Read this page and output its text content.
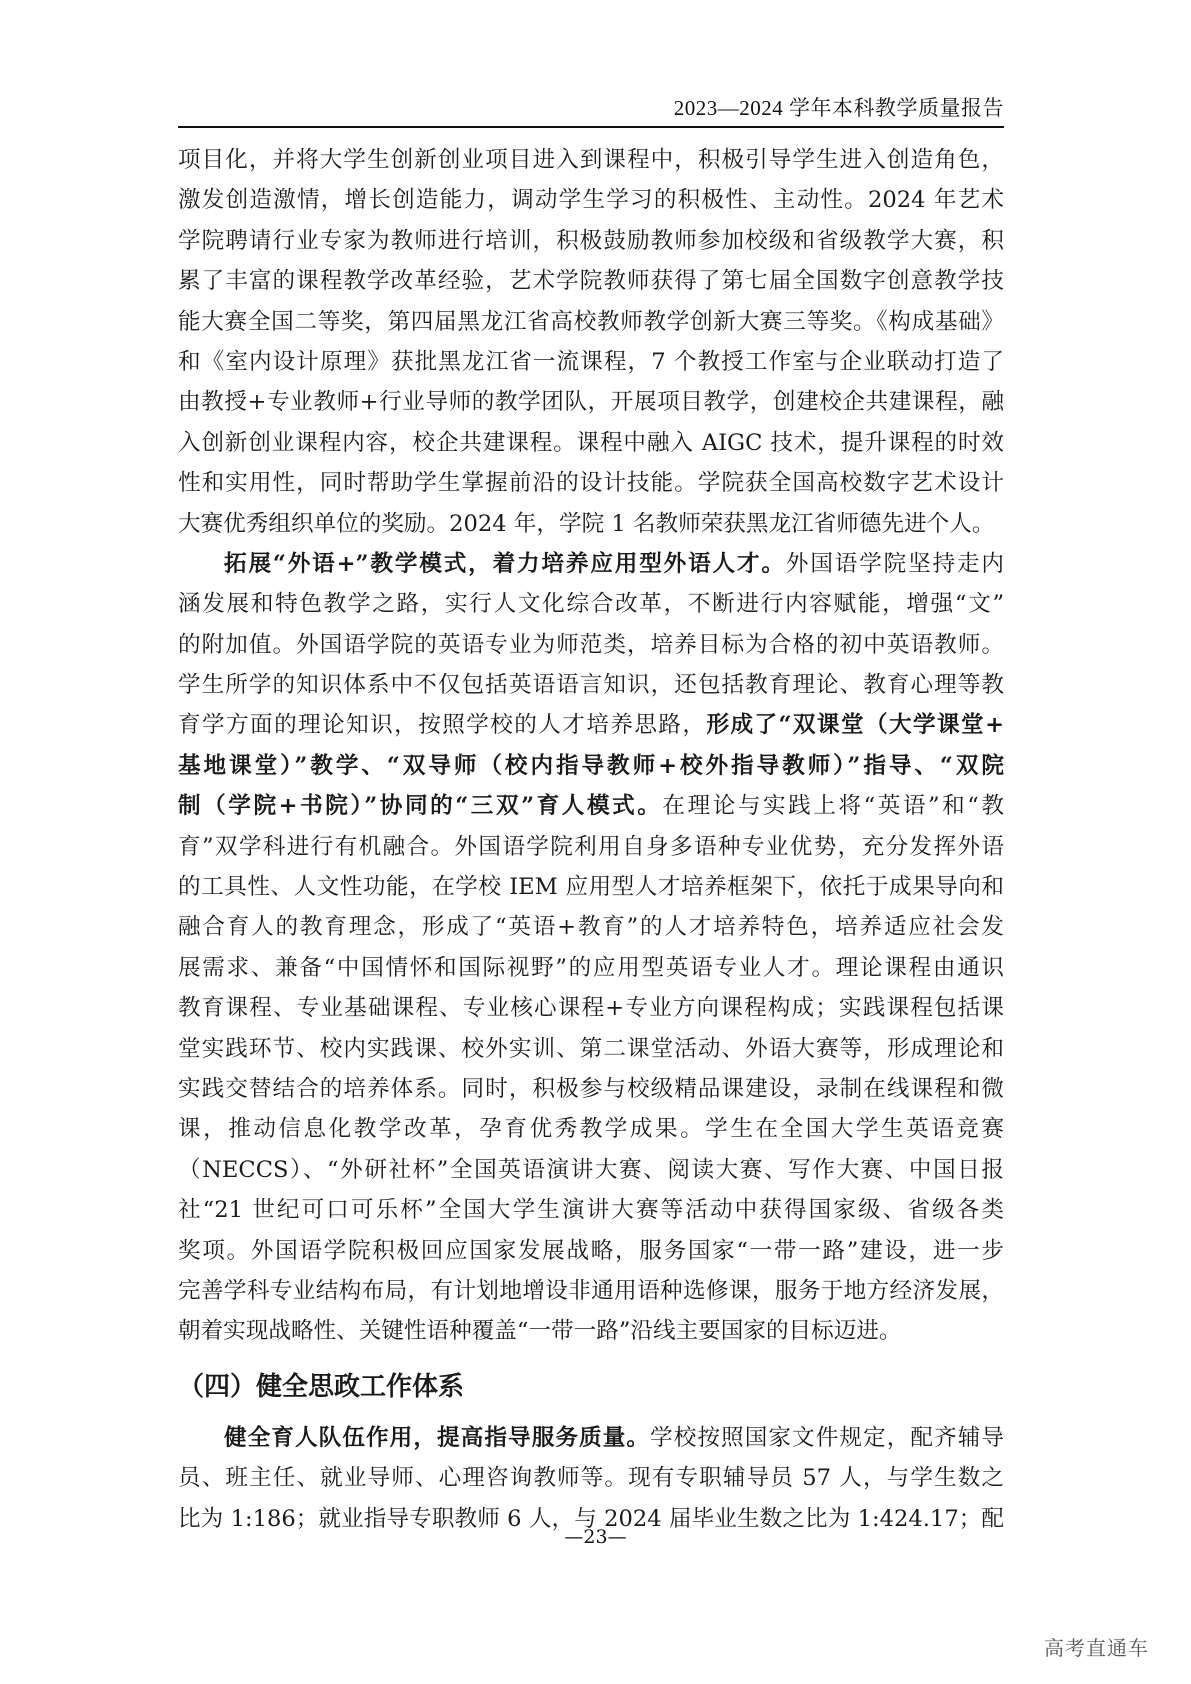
2023—2024 学年本科教学质量报告
项目化，并将大学生创新创业项目进入到课程中，积极引导学生进入创造角色，
激发创造激情，增长创造能力，调动学生学习的积极性、主动性。2024 年艺术
学院聘请行业专家为教师进行培训，积极鼓励教师参加校级和省级教学大赛，积
累了丰富的课程教学改革经验，艺术学院教师获得了第七届全国数字创意教学技
能大赛全国二等奖，第四届黑龙江省高校教师教学创新大赛三等奖。《构成基础》
和《室内设计原理》获批黑龙江省一流课程，7 个教授工作室与企业联动打造了
由教授+专业教师+行业导师的教学团队，开展项目教学，创建校企共建课程，融
入创新创业课程内容，校企共建课程。课程中融入 AIGC 技术，提升课程的时效
性和实用性，同时帮助学生掌握前沿的设计技能。学院获全国高校数字艺术设计
大赛优秀组织单位的奖励。2024 年，学院 1 名教师荣获黑龙江省师德先进个人。
拓展“外语+”教学模式，着力培养应用型外语人才。外国语学院坚持走内
涵发展和特色教学之路，实行人文化综合改革，不断进行内容赋能，增强“文”
的附加值。外国语学院的英语专业为师范类，培养目标为合格的初中英语教师。
学生所学的知识体系中不仅包括英语语言知识，还包括教育理论、教育心理等教
育学方面的理论知识，按照学校的人才培养思路，形成了“双课堂（大学课堂+
基地课堂）”教学、“双导师（校内指导教师+校外指导教师）”指导、“双院
制（学院+书院）”协同的“三双”育人模式。在理论与实践上将“英语”和“教
育”双学科进行有机融合。外国语学院利用自身多语种专业优势，充分发挥外语
的工具性、人文性功能，在学校 IEM 应用型人才培养框架下，依托于成果导向和
融合育人的教育理念，形成了“英语+教育”的人才培养特色，培养适应社会发
展需求、兼备“中国情怀和国际视野”的应用型英语专业人才。理论课程由通识
教育课程、专业基础课程、专业核心课程+专业方向课程构成；实践课程包括课
堂实践环节、校内实践课、校外实训、第二课堂活动、外语大赛等，形成理论和
实践交替结合的培养体系。同时，积极参与校级精品课建设，录制在线课程和微
课，推动信息化教学改革，孕育优秀教学成果。学生在全国大学生英语竞赛
（NECCS）、“外研社杯”全国英语演讲大赛、阅读大赛、写作大赛、中国日报
社“21 世纪可口可乐杯”全国大学生演讲大赛等活动中获得国家级、省级各类
奖项。外国语学院积极回应国家发展战略，服务国家“一带一路”建设，进一步
完善学科专业结构布局，有计划地增设非通用语种选修课，服务于地方经济发展，
朝着实现战略性、关键性语种覆盖“一带一路”沿线主要国家的目标迈进。
（四）健全思政工作体系
健全育人队伍作用，提高指导服务质量。学校按照国家文件规定，配齐辅导
员、班主任、就业导师、心理咨询教师等。现有专职辅导员 57 人，与学生数之
比为 1:186；就业指导专职教师 6 人，与 2024 届毕业生数之比为 1:424.17；配
—23—
高考直通车
